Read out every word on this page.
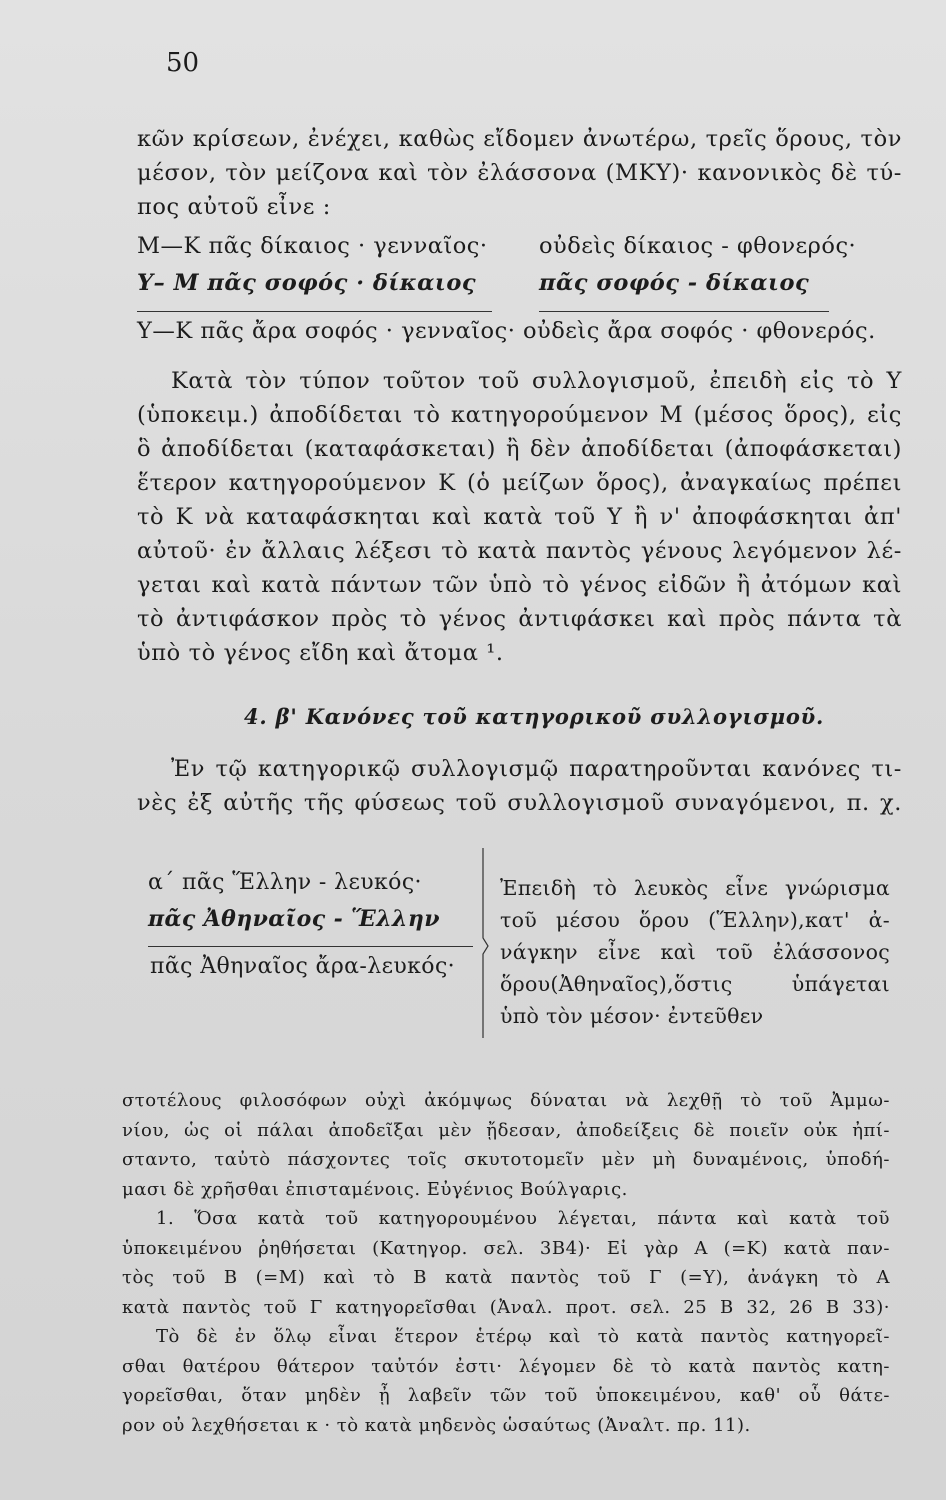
50
κῶν κρίσεων, ἐνέχει, καθὼς εἴδομεν ἀνωτέρω, τρεῖς ὅρους, τὸν
μέσον, τὸν μείζονα καὶ τὸν ἐλάσσονα (ΜΚΥ)· κανονικὸς δὲ τύ-
πος αὐτοῦ εἶνε :
Μ—Κ πᾶς δίκαιος · γενναῖος· οὐδεὶς δίκαιος - φθονερός·
Υ– Μ πᾶς σοφός · δίκαιος	πᾶς σοφός - δίκαιος
Υ—Κ πᾶς ἄρα σοφός · γενναῖος· οὐδεὶς ἄρα σοφός · φθονερός.
Κατὰ τὸν τύπον τοῦτον τοῦ συλλογισμοῦ, ἐπειδὴ εἰς τὸ Υ
(ὑποκειμ.) ἀποδίδεται τὸ κατηγορούμενον Μ (μέσος ὅρος), εἰς
ὃ ἀποδίδεται (καταφάσκεται) ἢ δὲν ἀποδίδεται (ἀποφάσκεται)
ἕτερον κατηγορούμενον Κ (ὁ μείζων ὅρος), ἀναγκαίως πρέπει
τὸ Κ νὰ καταφάσκηται καὶ κατὰ τοῦ Υ ἢ ν' ἀποφάσκηται ἀπ'
αὐτοῦ· ἐν ἄλλαις λέξεσι τὸ κατὰ παντὸς γένους λεγόμενον λέ-
γεται καὶ κατὰ πάντων τῶν ὑπὸ τὸ γένος εἰδῶν ἢ ἀτόμων καὶ
τὸ ἀντιφάσκον πρὸς τὸ γένος ἀντιφάσκει καὶ πρὸς πάντα τὰ
ὑπὸ τὸ γένος εἴδη καὶ ἄτομα ¹.
4. β' Κανόνες τοῦ κατηγορικοῦ συλλογισμοῦ.
Ἐν τῷ κατηγορικῷ συλλογισμῷ παρατηροῦνται κανόνες τι-
νὲς ἐξ αὐτῆς τῆς φύσεως τοῦ συλλογισμοῦ συναγόμενοι, π. χ.
α΄ πᾶς Ἕλλην - λευκός·
πᾶς Ἀθηναῖος - Ἕλλην
πᾶς Ἀθηναῖος ἄρα-λευκός·
Ἐπειδὴ τὸ λευκὸς εἶνε γνώρισμα
τοῦ μέσου ὅρου (Ἕλλην),κατ' ἀ-
νάγκην εἶνε καὶ τοῦ ἐλάσσονος
ὅρου(Ἀθηναῖος),ὅστις ὑπάγεται
ὑπὸ τὸν μέσον· ἐντεῦθεν
στοτέλους φιλοσόφων οὐχὶ ἀκόμψως δύναται νὰ λεχθῇ τὸ τοῦ Ἀμμω-
νίου, ὡς οἱ πάλαι ἀποδεῖξαι μὲν ᾔδεσαν, ἀποδείξεις δὲ ποιεῖν οὐκ ἠπί-
σταντο, ταὐτὸ πάσχοντες τοῖς σκυτοτομεῖν μὲν μὴ δυναμένοις, ὑποδή-
μασι δὲ χρῆσθαι ἐπισταμένοις. Εὐγένιος Βούλγαρις.
1. Ὅσα κατὰ τοῦ κατηγορουμένου λέγεται, πάντα καὶ κατὰ τοῦ
ὑποκειμένου ῥηθήσεται (Κατηγορ. σελ. 3Β4)· Εἰ γὰρ Α (=Κ) κατὰ παν-
τὸς τοῦ Β (=Μ) καὶ τὸ Β κατὰ παντὸς τοῦ Γ (=Υ), ἀνάγκη τὸ Α
κατὰ παντὸς τοῦ Γ κατηγορεῖσθαι (Ἀναλ. προτ. σελ. 25 Β 32, 26 Β 33)·
Τὸ δὲ ἐν ὅλῳ εἶναι ἕτερον ἑτέρῳ καὶ τὸ κατὰ παντὸς κατηγορεῖ-
σθαι θατέρου θάτερον ταὐτόν ἐστι· λέγομεν δὲ τὸ κατὰ παντὸς κατη-
γορεῖσθαι, ὅταν μηδὲν ᾖ λαβεῖν τῶν τοῦ ὑποκειμένου, καθ' οὗ θάτε-
ρον οὐ λεχθήσεται κ · τὸ κατὰ μηδενὸς ὡσαύτως (Ἀναλτ. πρ. 11).
